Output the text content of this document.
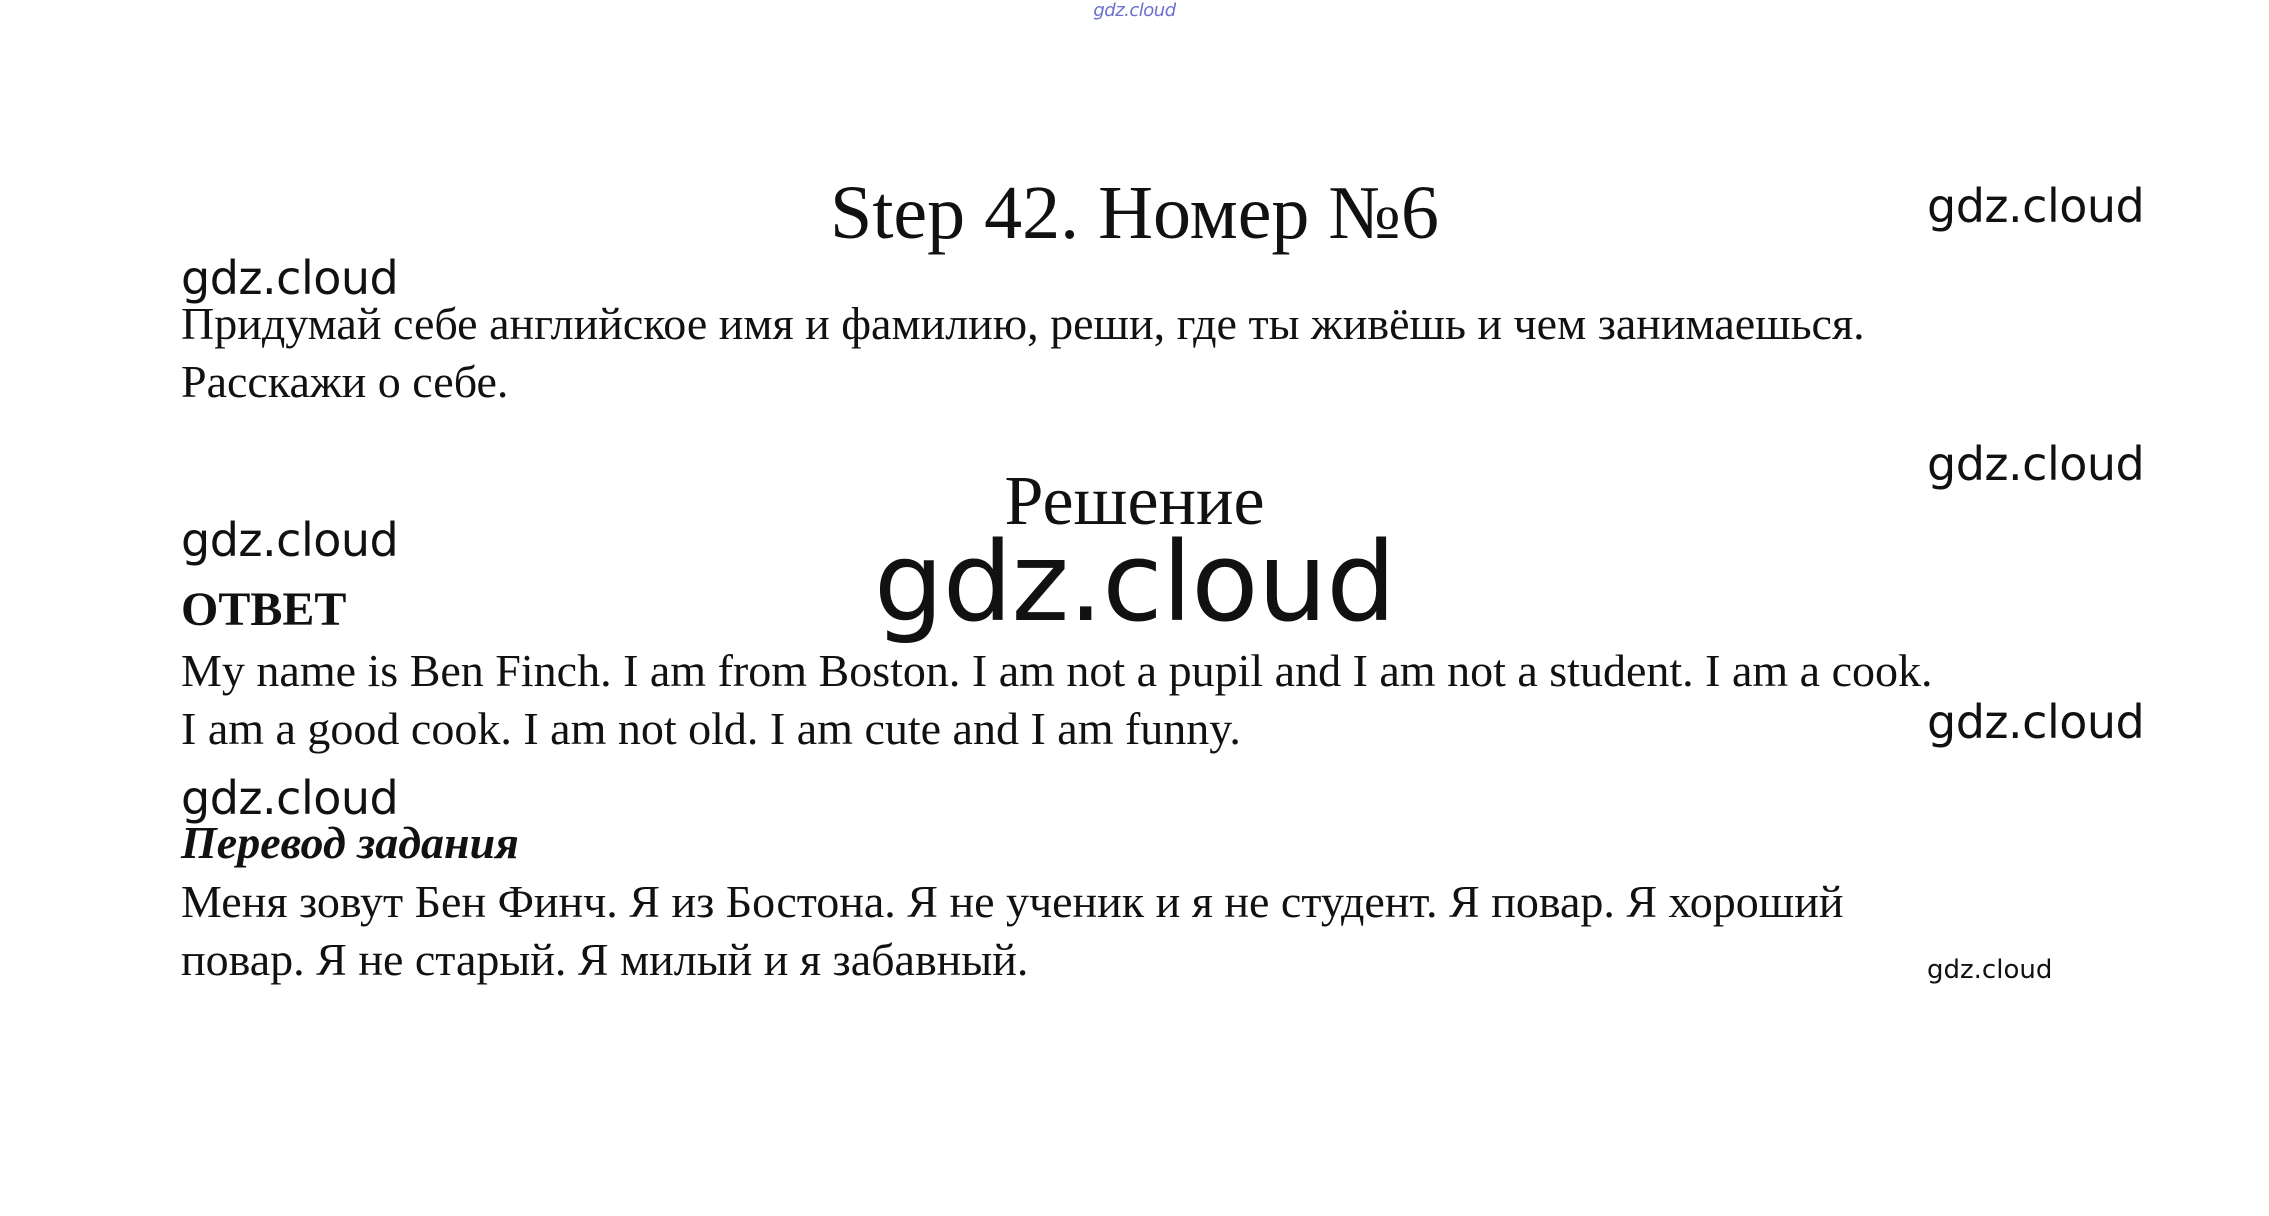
gdz.cloud
Step 42. Номер №6	gdz.cloud
gdz.cloud
gdz.cloud
gdz.cloud
gdz.cloud
gdz.cloud
gdz.cloud
Придумай себе английское имя и фамилию, реши, где ты живёшь и чем занимаешься.
Расскажи о себе.
Решение
gdz.cloud
ОТВЕТ
My name is Ben Finch. I am from Boston. I am not a pupil and I am not a student. I am a cook.
I am a good cook. I am not old. I am cute and I am funny.
Перевод задания
Меня зовут Бен Финч. Я из Бостона. Я не ученик и я не студент. Я повар. Я хороший
повар. Я не старый. Я милый и я забавный.
